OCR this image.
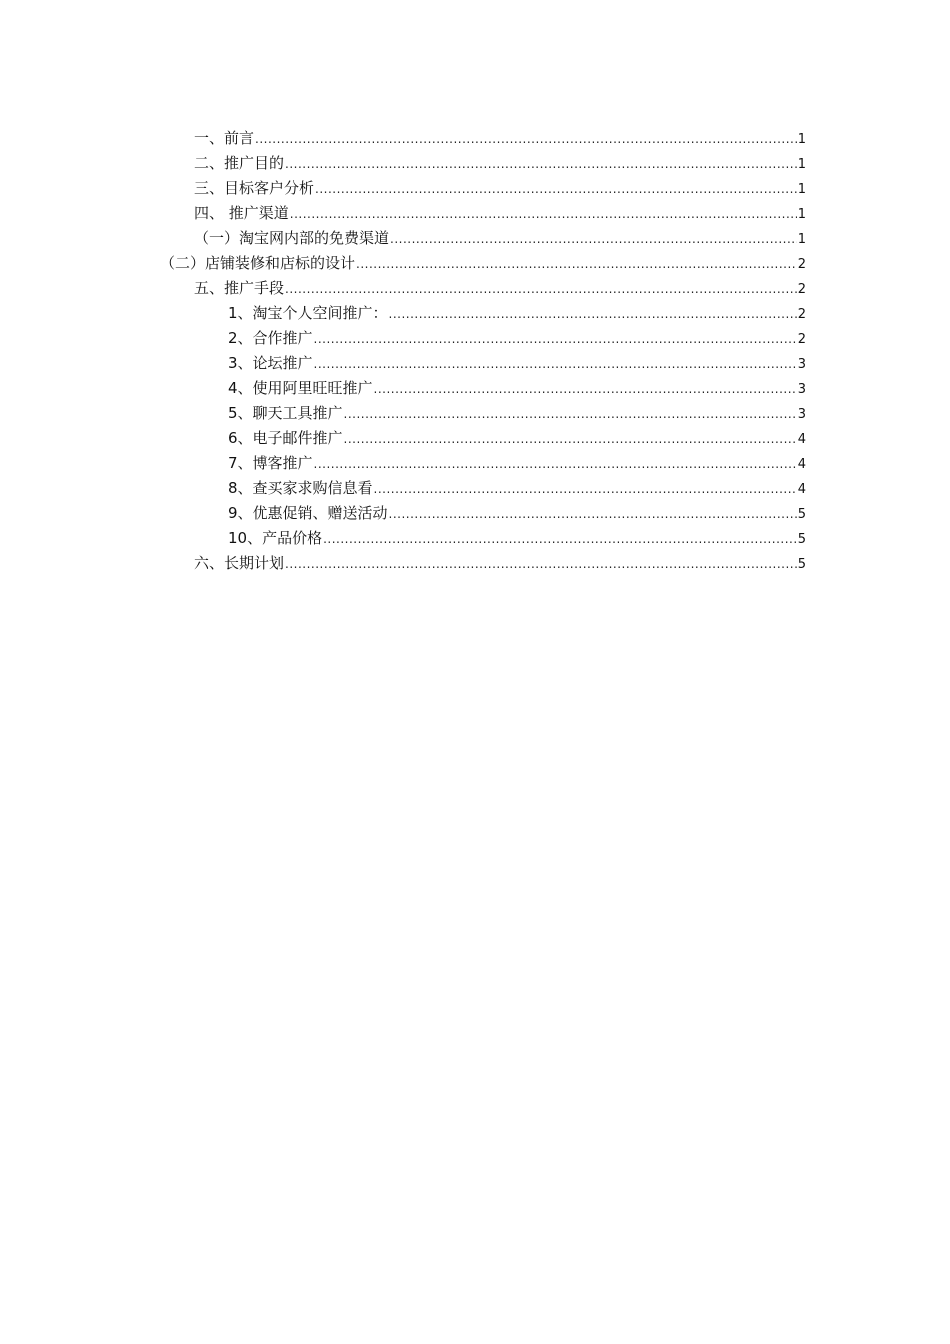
一、前言 .....	1
二、推广目的 .....	1
三、目标客户分析 .....	1
四、 推广渠道 .....	1
（一）淘宝网内部的免费渠道 .....	1
（二）店铺装修和店标的设计 .....	2
五、推广手段 .....	2
1、淘宝个人空间推广： .....	2
2、合作推广 .....	2
3、论坛推广 .....	3
4、使用阿里旺旺推广 .....	3
5、聊天工具推广 .....	3
6、电子邮件推广 .....	4
7、博客推广 .....	4
8、查买家求购信息看 .....	4
9、优惠促销、赠送活动 .....	5
10、产品价格 .....	5
六、长期计划 .....	5
